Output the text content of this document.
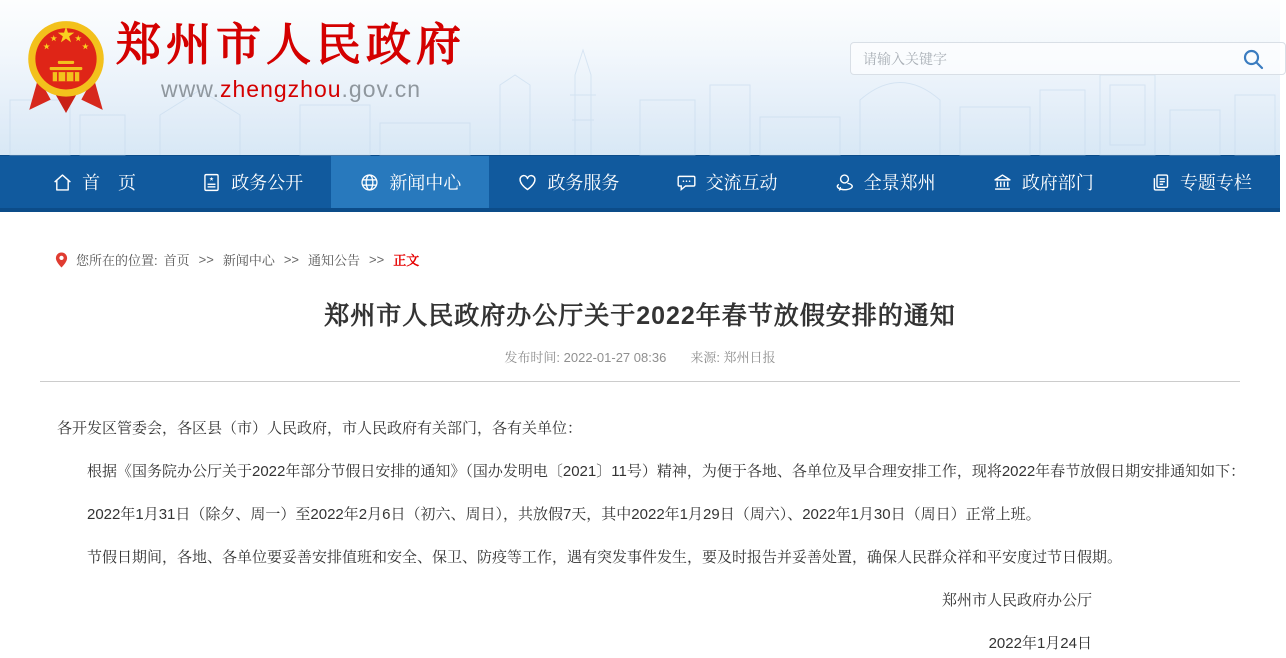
郑州市人民政府
www.zhengzhou.gov.cn
请输入关键字
首　页	政务公开	新闻中心	政务服务	交流互动	全景郑州	政府部门	专题专栏
您所在的位置: 首页 >> 新闻中心 >> 通知公告 >> 正文
郑州市人民政府办公厅关于2022年春节放假安排的通知
发布时间: 2022-01-27 08:36 来源: 郑州日报

各开发区管委会，各区县（市）人民政府，市人民政府有关部门，各有关单位：

根据《国务院办公厅关于2022年部分节假日安排的通知》（国办发明电〔2021〕11号）精神，为便于各地、各单位及早合理安排工作，现将2022年春节放假日期安排通知如下：

2022年1月31日（除夕、周一）至2022年2月6日（初六、周日），共放假7天，其中2022年1月29日（周六）、2022年1月30日（周日）正常上班。

节假日期间，各地、各单位要妥善安排值班和安全、保卫、防疫等工作，遇有突发事件发生，要及时报告并妥善处置，确保人民群众祥和平安度过节日假期。

郑州市人民政府办公厅
2022年1月24日
